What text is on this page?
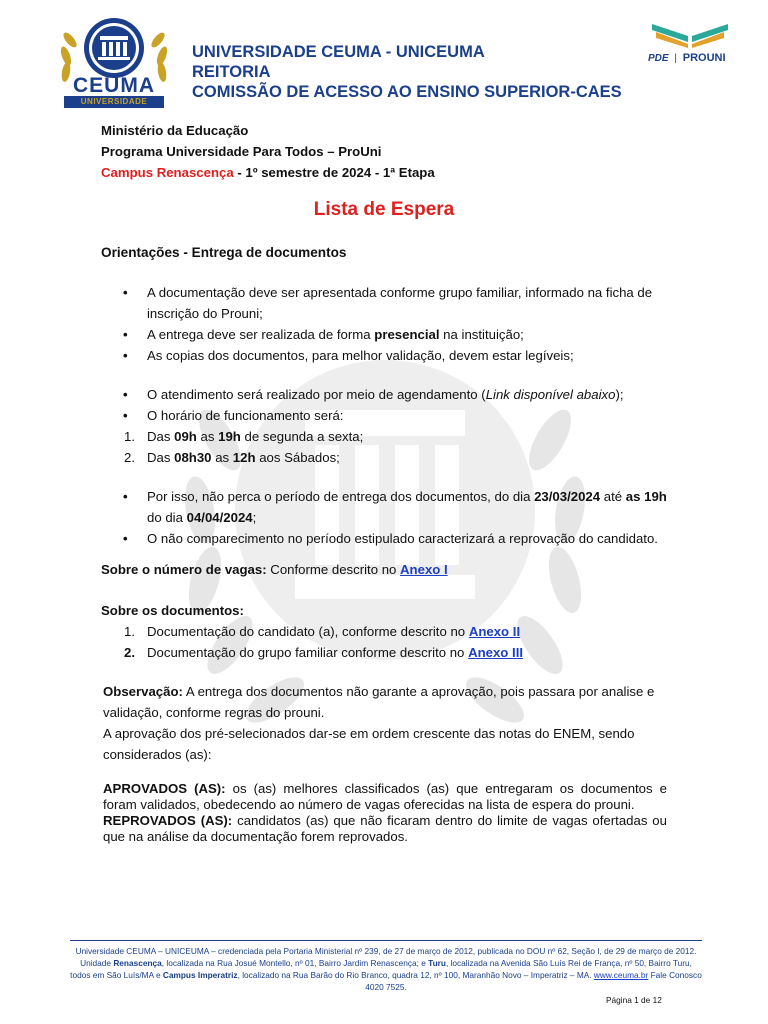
CEUMA
UNIVERSIDADE
UNIVERSIDADE CEUMA - UNICEUMA
REITORIA
COMISSÃO DE ACESSO AO ENSINO SUPERIOR-CAES
PDE | PROUNI
Ministério da Educação
Programa Universidade Para Todos – ProUni
Campus Renascença - 1º semestre de 2024 - 1ª Etapa
Lista de Espera
Orientações - Entrega de documentos
• A documentação deve ser apresentada conforme grupo familiar, informado na ficha de inscrição do Prouni;
• A entrega deve ser realizada de forma presencial na instituição;
• As copias dos documentos, para melhor validação, devem estar legíveis;
• O atendimento será realizado por meio de agendamento (Link disponível abaixo);
• O horário de funcionamento será:
1. Das 09h as 19h de segunda a sexta;
2. Das 08h30 as 12h aos Sábados;
• Por isso, não perca o período de entrega dos documentos, do dia 23/03/2024 até as 19h do dia 04/04/2024;
• O não comparecimento no período estipulado caracterizará a reprovação do candidato.
Sobre o número de vagas: Conforme descrito no Anexo I
Sobre os documentos:
1. Documentação do candidato (a), conforme descrito no Anexo II
2. Documentação do grupo familiar conforme descrito no Anexo III
Observação: A entrega dos documentos não garante a aprovação, pois passara por analise e validação, conforme regras do prouni.
A aprovação dos pré-selecionados dar-se em ordem crescente das notas do ENEM, sendo considerados (as):
APROVADOS (AS): os (as) melhores classificados (as) que entregaram os documentos e foram validados, obedecendo ao número de vagas oferecidas na lista de espera do prouni.
REPROVADOS (AS): candidatos (as) que não ficaram dentro do limite de vagas ofertadas ou que na análise da documentação forem reprovados.
Universidade CEUMA – UNICEUMA – credenciada pela Portaria Ministerial nº 239, de 27 de março de 2012, publicada no DOU nº 62, Seção I, de 29 de março de 2012. Unidade Renascença, localizada na Rua Josué Montello, nº 01, Bairro Jardim Renascença; e Turu, localizada na Avenida São Luís Rei de França, nº 50, Bairro Turu, todos em São Luís/MA e Campus Imperatriz, localizado na Rua Barão do Rio Branco, quadra 12, nº 100, Maranhão Novo – Imperatriz – MA. www.ceuma.br Fale Conosco 4020 7525.
Página 1 de 12
